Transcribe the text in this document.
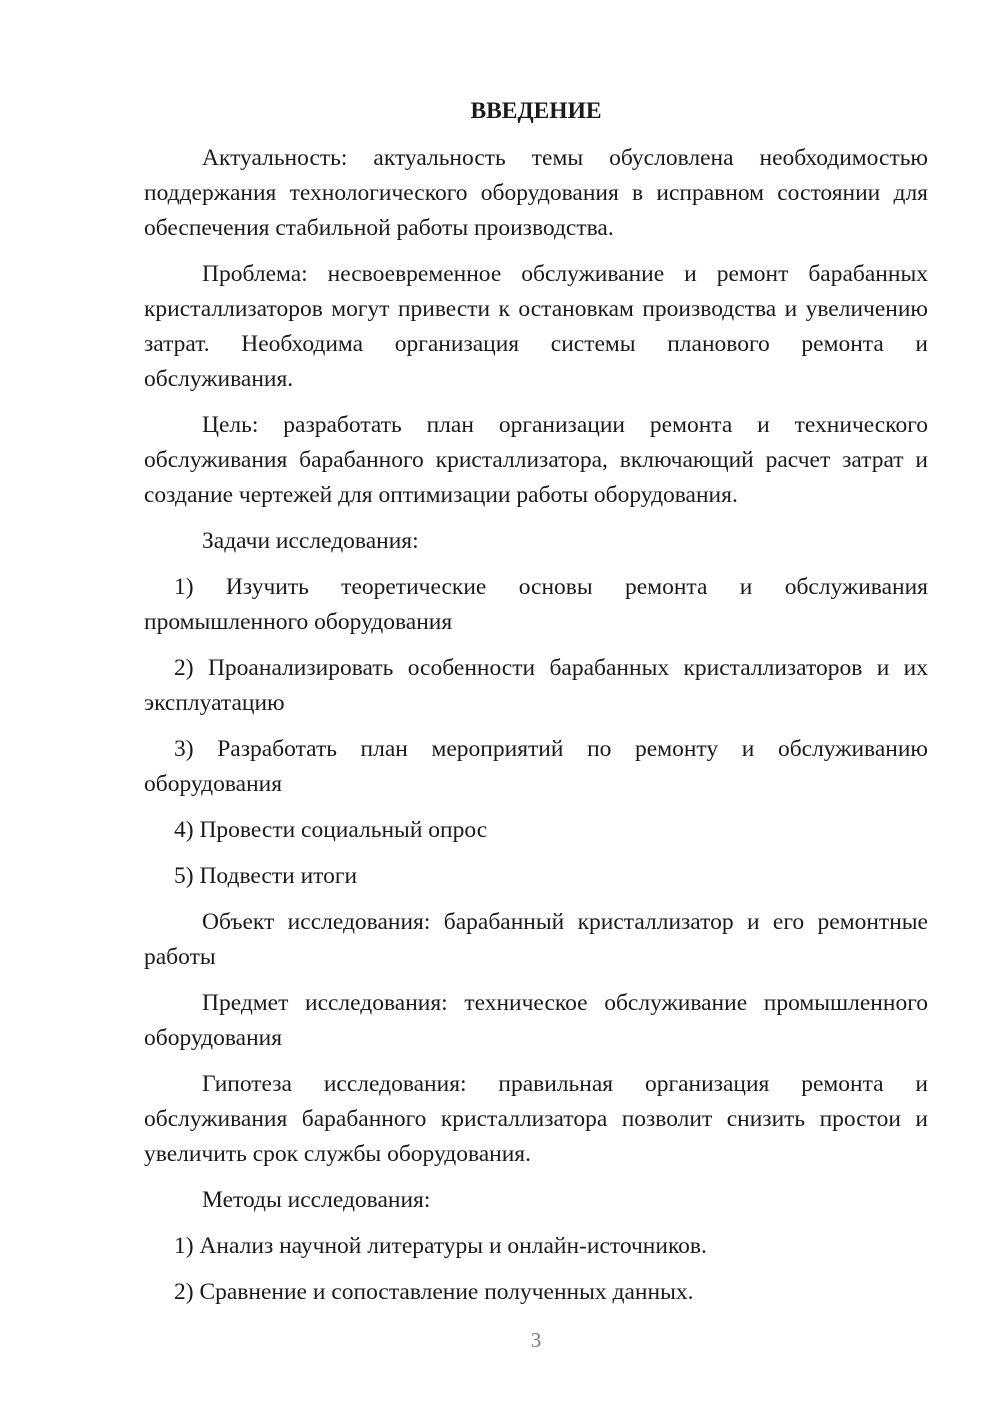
ВВЕДЕНИЕ

Актуальность: актуальность темы обусловлена необходимостью поддержания технологического оборудования в исправном состоянии для обеспечения стабильной работы производства.

Проблема: несвоевременное обслуживание и ремонт барабанных кристаллизаторов могут привести к остановкам производства и увеличению затрат. Необходима организация системы планового ремонта и обслуживания.

Цель: разработать план организации ремонта и технического обслуживания барабанного кристаллизатора, включающий расчет затрат и создание чертежей для оптимизации работы оборудования.

Задачи исследования:

1) Изучить теоретические основы ремонта и обслуживания промышленного оборудования

2) Проанализировать особенности барабанных кристаллизаторов и их эксплуатацию

3) Разработать план мероприятий по ремонту и обслуживанию оборудования

4) Провести социальный опрос

5) Подвести итоги

Объект исследования: барабанный кристаллизатор и его ремонтные работы

Предмет исследования: техническое обслуживание промышленного оборудования

Гипотеза исследования: правильная организация ремонта и обслуживания барабанного кристаллизатора позволит снизить простои и увеличить срок службы оборудования.

Методы исследования:

1) Анализ научной литературы и онлайн-источников.

2) Сравнение и сопоставление полученных данных.

3
